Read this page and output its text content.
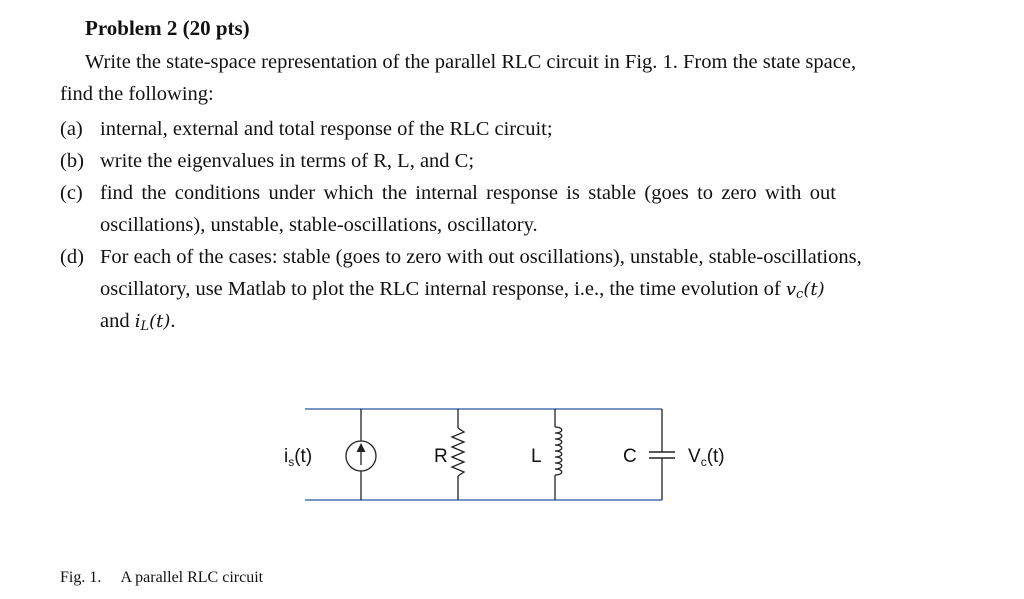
Problem 2 (20 pts)
Write the state-space representation of the parallel RLC circuit in Fig. 1. From the state space,
find the following:
(a) internal, external and total response of the RLC circuit;
(b) write the eigenvalues in terms of R, L, and C;
(c) find the conditions under which the internal response is stable (goes to zero with out
oscillations), unstable, stable-oscillations, oscillatory.
(d) For each of the cases: stable (goes to zero with out oscillations), unstable, stable-oscillations,
oscillatory, use Matlab to plot the RLC internal response, i.e., the time evolution of $v_c(t)$
and $i_L(t)$.
$i_s(t)$	R	L	C	$V_c(t)$
Fig. 1. A parallel RLC circuit
